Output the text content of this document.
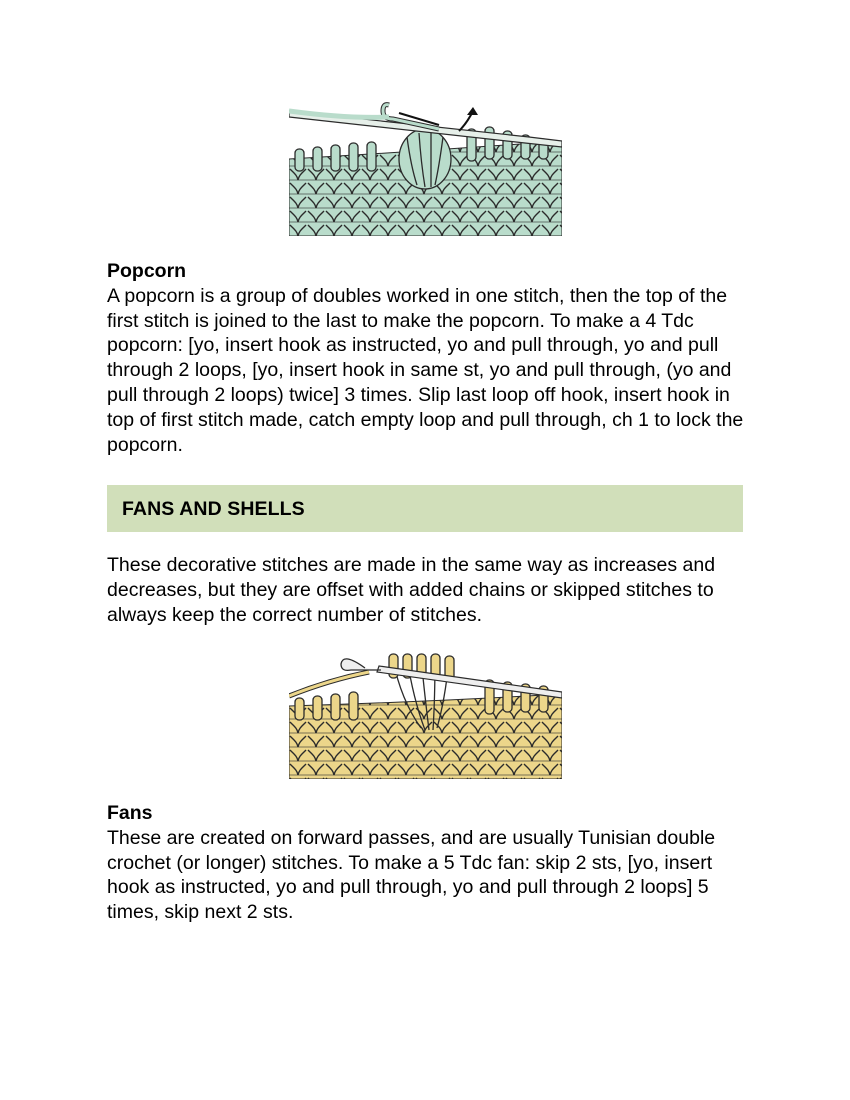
Popcorn
A popcorn is a group of doubles worked in one stitch, then the top of the first stitch is joined to the last to make the popcorn. To make a 4 Tdc popcorn: [yo, insert hook as instructed, yo and pull through, yo and pull through 2 loops, [yo, insert hook in same st, yo and pull through, (yo and pull through 2 loops) twice] 3 times. Slip last loop off hook, insert hook in top of first stitch made, catch empty loop and pull through, ch 1 to lock the popcorn.
FANS AND SHELLS
These decorative stitches are made in the same way as increases and decreases, but they are offset with added chains or skipped stitches to always keep the correct number of stitches.
Fans
These are created on forward passes, and are usually Tunisian double crochet (or longer) stitches. To make a 5 Tdc fan: skip 2 sts, [yo, insert hook as instructed, yo and pull through, yo and pull through 2 loops] 5 times, skip next 2 sts.
